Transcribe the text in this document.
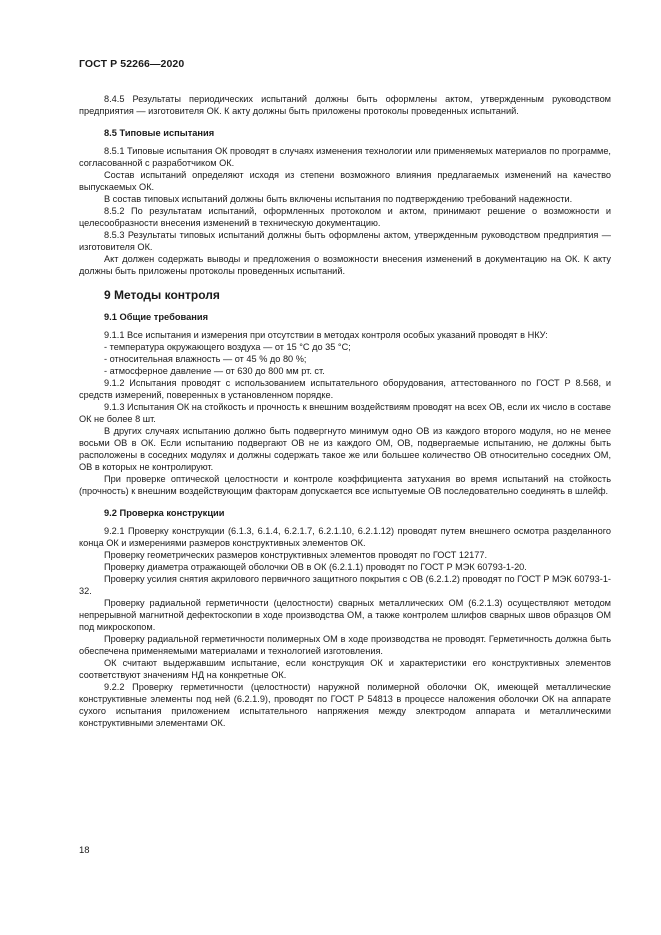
ГОСТ Р 52266—2020

8.4.5 Результаты периодических испытаний должны быть оформлены актом, утвержденным руководством предприятия — изготовителя ОК. К акту должны быть приложены протоколы проведенных испытаний.

8.5 Типовые испытания

8.5.1 Типовые испытания ОК проводят в случаях изменения технологии или применяемых материалов по программе, согласованной с разработчиком ОК.

Состав испытаний определяют исходя из степени возможного влияния предлагаемых изменений на качество выпускаемых ОК.

В состав типовых испытаний должны быть включены испытания по подтверждению требований надежности.

8.5.2 По результатам испытаний, оформленных протоколом и актом, принимают решение о возможности и целесообразности внесения изменений в техническую документацию.

8.5.3 Результаты типовых испытаний должны быть оформлены актом, утвержденным руководством предприятия — изготовителя ОК.

Акт должен содержать выводы и предложения о возможности внесения изменений в документацию на ОК. К акту должны быть приложены протоколы проведенных испытаний.

9 Методы контроля
9.1 Общие требования

9.1.1 Все испытания и измерения при отсутствии в методах контроля особых указаний проводят в НКУ:

- температура окружающего воздуха — от 15 °С до 35 °С;

- относительная влажность — от 45 % до 80 %;

- атмосферное давление — от 630 до 800 мм рт. ст.

9.1.2 Испытания проводят с использованием испытательного оборудования, аттестованного по ГОСТ Р 8.568, и средств измерений, поверенных в установленном порядке.

9.1.3 Испытания ОК на стойкость и прочность к внешним воздействиям проводят на всех ОВ, если их число в составе ОК не более 8 шт.

В других случаях испытанию должно быть подвергнуто минимум одно ОВ из каждого второго модуля, но не менее восьми ОВ в ОК. Если испытанию подвергают ОВ не из каждого ОМ, ОВ, подвергаемые испытанию, не должны быть расположены в соседних модулях и должны содержать такое же или большее количество ОВ относительно соседних ОМ, ОВ в которых не контролируют.

При проверке оптической целостности и контроле коэффициента затухания во время испытаний на стойкость (прочность) к внешним воздействующим факторам допускается все испытуемые ОВ последовательно соединять в шлейф.

9.2 Проверка конструкции

9.2.1 Проверку конструкции (6.1.3, 6.1.4, 6.2.1.7, 6.2.1.10, 6.2.1.12) проводят путем внешнего осмотра разделанного конца ОК и измерениями размеров конструктивных элементов ОК.

Проверку геометрических размеров конструктивных элементов проводят по ГОСТ 12177.

Проверку диаметра отражающей оболочки ОВ в ОК (6.2.1.1) проводят по ГОСТ Р МЭК 60793-1-20.

Проверку усилия снятия акрилового первичного защитного покрытия с ОВ (6.2.1.2) проводят по ГОСТ Р МЭК 60793-1-32.

Проверку радиальной герметичности (целостности) сварных металлических ОМ (6.2.1.3) осуществляют методом непрерывной магнитной дефектоскопии в ходе производства ОМ, а также контролем шлифов сварных швов образцов ОМ под микроскопом.

Проверку радиальной герметичности полимерных ОМ в ходе производства не проводят. Герметичность должна быть обеспечена применяемыми материалами и технологией изготовления.

ОК считают выдержавшим испытание, если конструкция ОК и характеристики его конструктивных элементов соответствуют значениям НД на конкретные ОК.

9.2.2 Проверку герметичности (целостности) наружной полимерной оболочки ОК, имеющей металлические конструктивные элементы под ней (6.2.1.9), проводят по ГОСТ Р 54813 в процессе наложения оболочки ОК на аппарате сухого испытания приложением испытательного напряжения между электродом аппарата и металлическими конструктивными элементами ОК.

18
